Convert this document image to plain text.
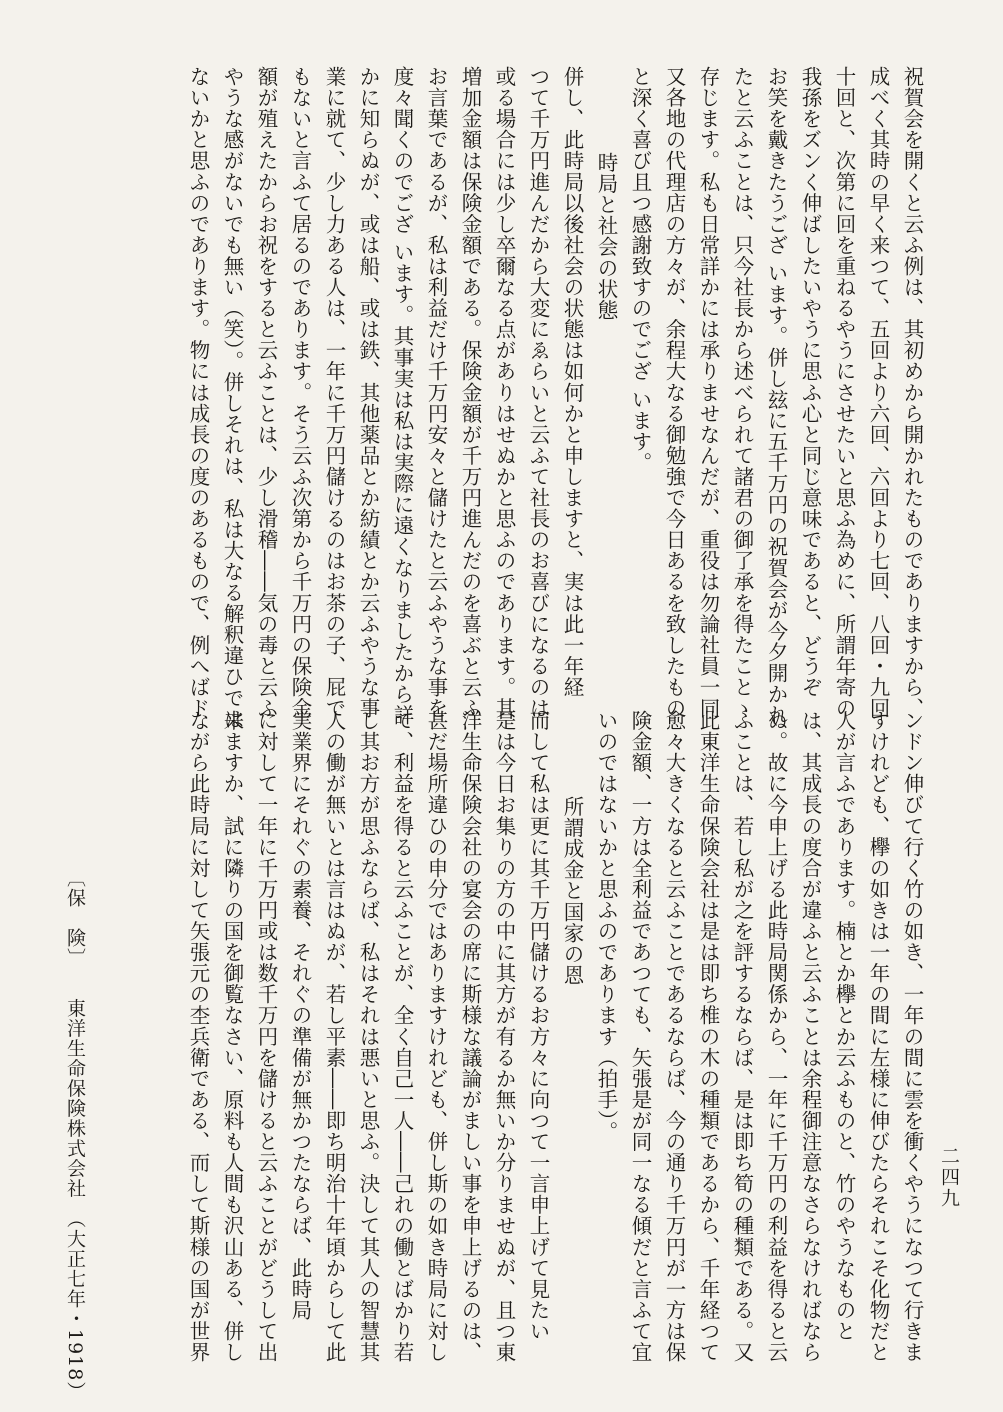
祝賀会を開くと云ふ例は、其初めから開かれたものでありますから、
成べく其時の早く来つて、五回より六回、六回より七回、八回・九回
十回と、次第に回を重ねるやうにさせたいと思ふ為めに、所謂年寄の
我孫をズンく伸ばしたいやうに思ふ心と同じ意味であると、どうぞ
お笑を戴きたうござ います。併し玆に五千万円の祝賀会が今夕開かれ
たと云ふことは、只今社長から述べられて諸君の御了承を得たことゝ
存じます。私も日常詳かには承りませなんだが、重役は勿論社員一同
又各地の代理店の方々が、余程大なる御勉強で今日あるを致したもの
と深く喜び且つ感謝致すのでござ います。
時局と社会の状態
併し、此時局以後社会の状態は如何かと申しますと、実は此一年経
つて千万円進んだから大変にゑらいと云ふて社長のお喜びになるのは
或る場合には少し卒爾なる点がありはせぬかと思ふのであります。其
増加金額は保険金額である。保険金額が千万円進んだのを喜ぶと云ふ
お言葉であるが、私は利益だけ千万円安々と儲けたと云ふやうな事を
度々聞くのでござ います。其事実は私は実際に遠くなりましたから詳
かに知らぬが、或は船、或は鉄、其他薬品とか紡績とか云ふやうな事
業に就て、少し力ある人は、一年に千万円儲けるのはお茶の子、屁で
もないと言ふて居るのであります。そう云ふ次第から千万円の保険金
額が殖えたからお祝をすると云ふことは、少し滑稽――気の毒と云ふ
やうな感がないでも無い（笑）。併しそれは、私は大なる解釈違ひでは
ないかと思ふのであります。物には成長の度のあるもので、例へばド
ンドン伸びて行く竹の如き、一年の間に雲を衝くやうになつて行きま
すけれども、欅の如きは一年の間に左様に伸びたらそれこそ化物だと
人が言ふであります。楠とか欅とか云ふものと、竹のやうなものと
は、其成長の度合が違ふと云ふことは余程御注意なさらなければなら
ぬ。故に今申上げる此時局関係から、一年に千万円の利益を得ると云
ふことは、若し私が之を評するならば、是は即ち筍の種類である。又
此東洋生命保険会社は是は即ち椎の木の種類であるから、千年経つて
愈々大きくなると云ふことであるならば、今の通り千万円が一方は保
険金額、一方は全利益であつても、矢張是が同一なる傾だと言ふて宜
いのではないかと思ふのであります（拍手）。
所謂成金と国家の恩
而して私は更に其千万円儲けるお方々に向つて一言申上げて見たい
是は今日お集りの方の中に其方が有るか無いか分りませぬが、且つ東
洋生命保険会社の宴会の席に斯様な議論がましい事を申上げるのは、
甚だ場所違ひの申分ではありますけれども、併し斯の如き時局に対し
て、利益を得ると云ふことが、全く自己一人――己れの働とばかり若
し其お方が思ふならば、私はそれは悪いと思ふ。決して其人の智慧其
人の働が無いとは言はぬが、若し平素――即ち明治十年頃からして此
実業界にそれぐの素養、それぐの準備が無かつたならば、此時局
に対して一年に千万円或は数千万円を儲けると云ふことがどうして出
来ますか、試に隣りの国を御覧なさい、原料も人間も沢山ある、併し
ながら此時局に対して矢張元の杢兵衛である、而して斯様の国が世界
〔保　険〕　　東洋生命保険株式会社　（大正七年・1918）	二四九
